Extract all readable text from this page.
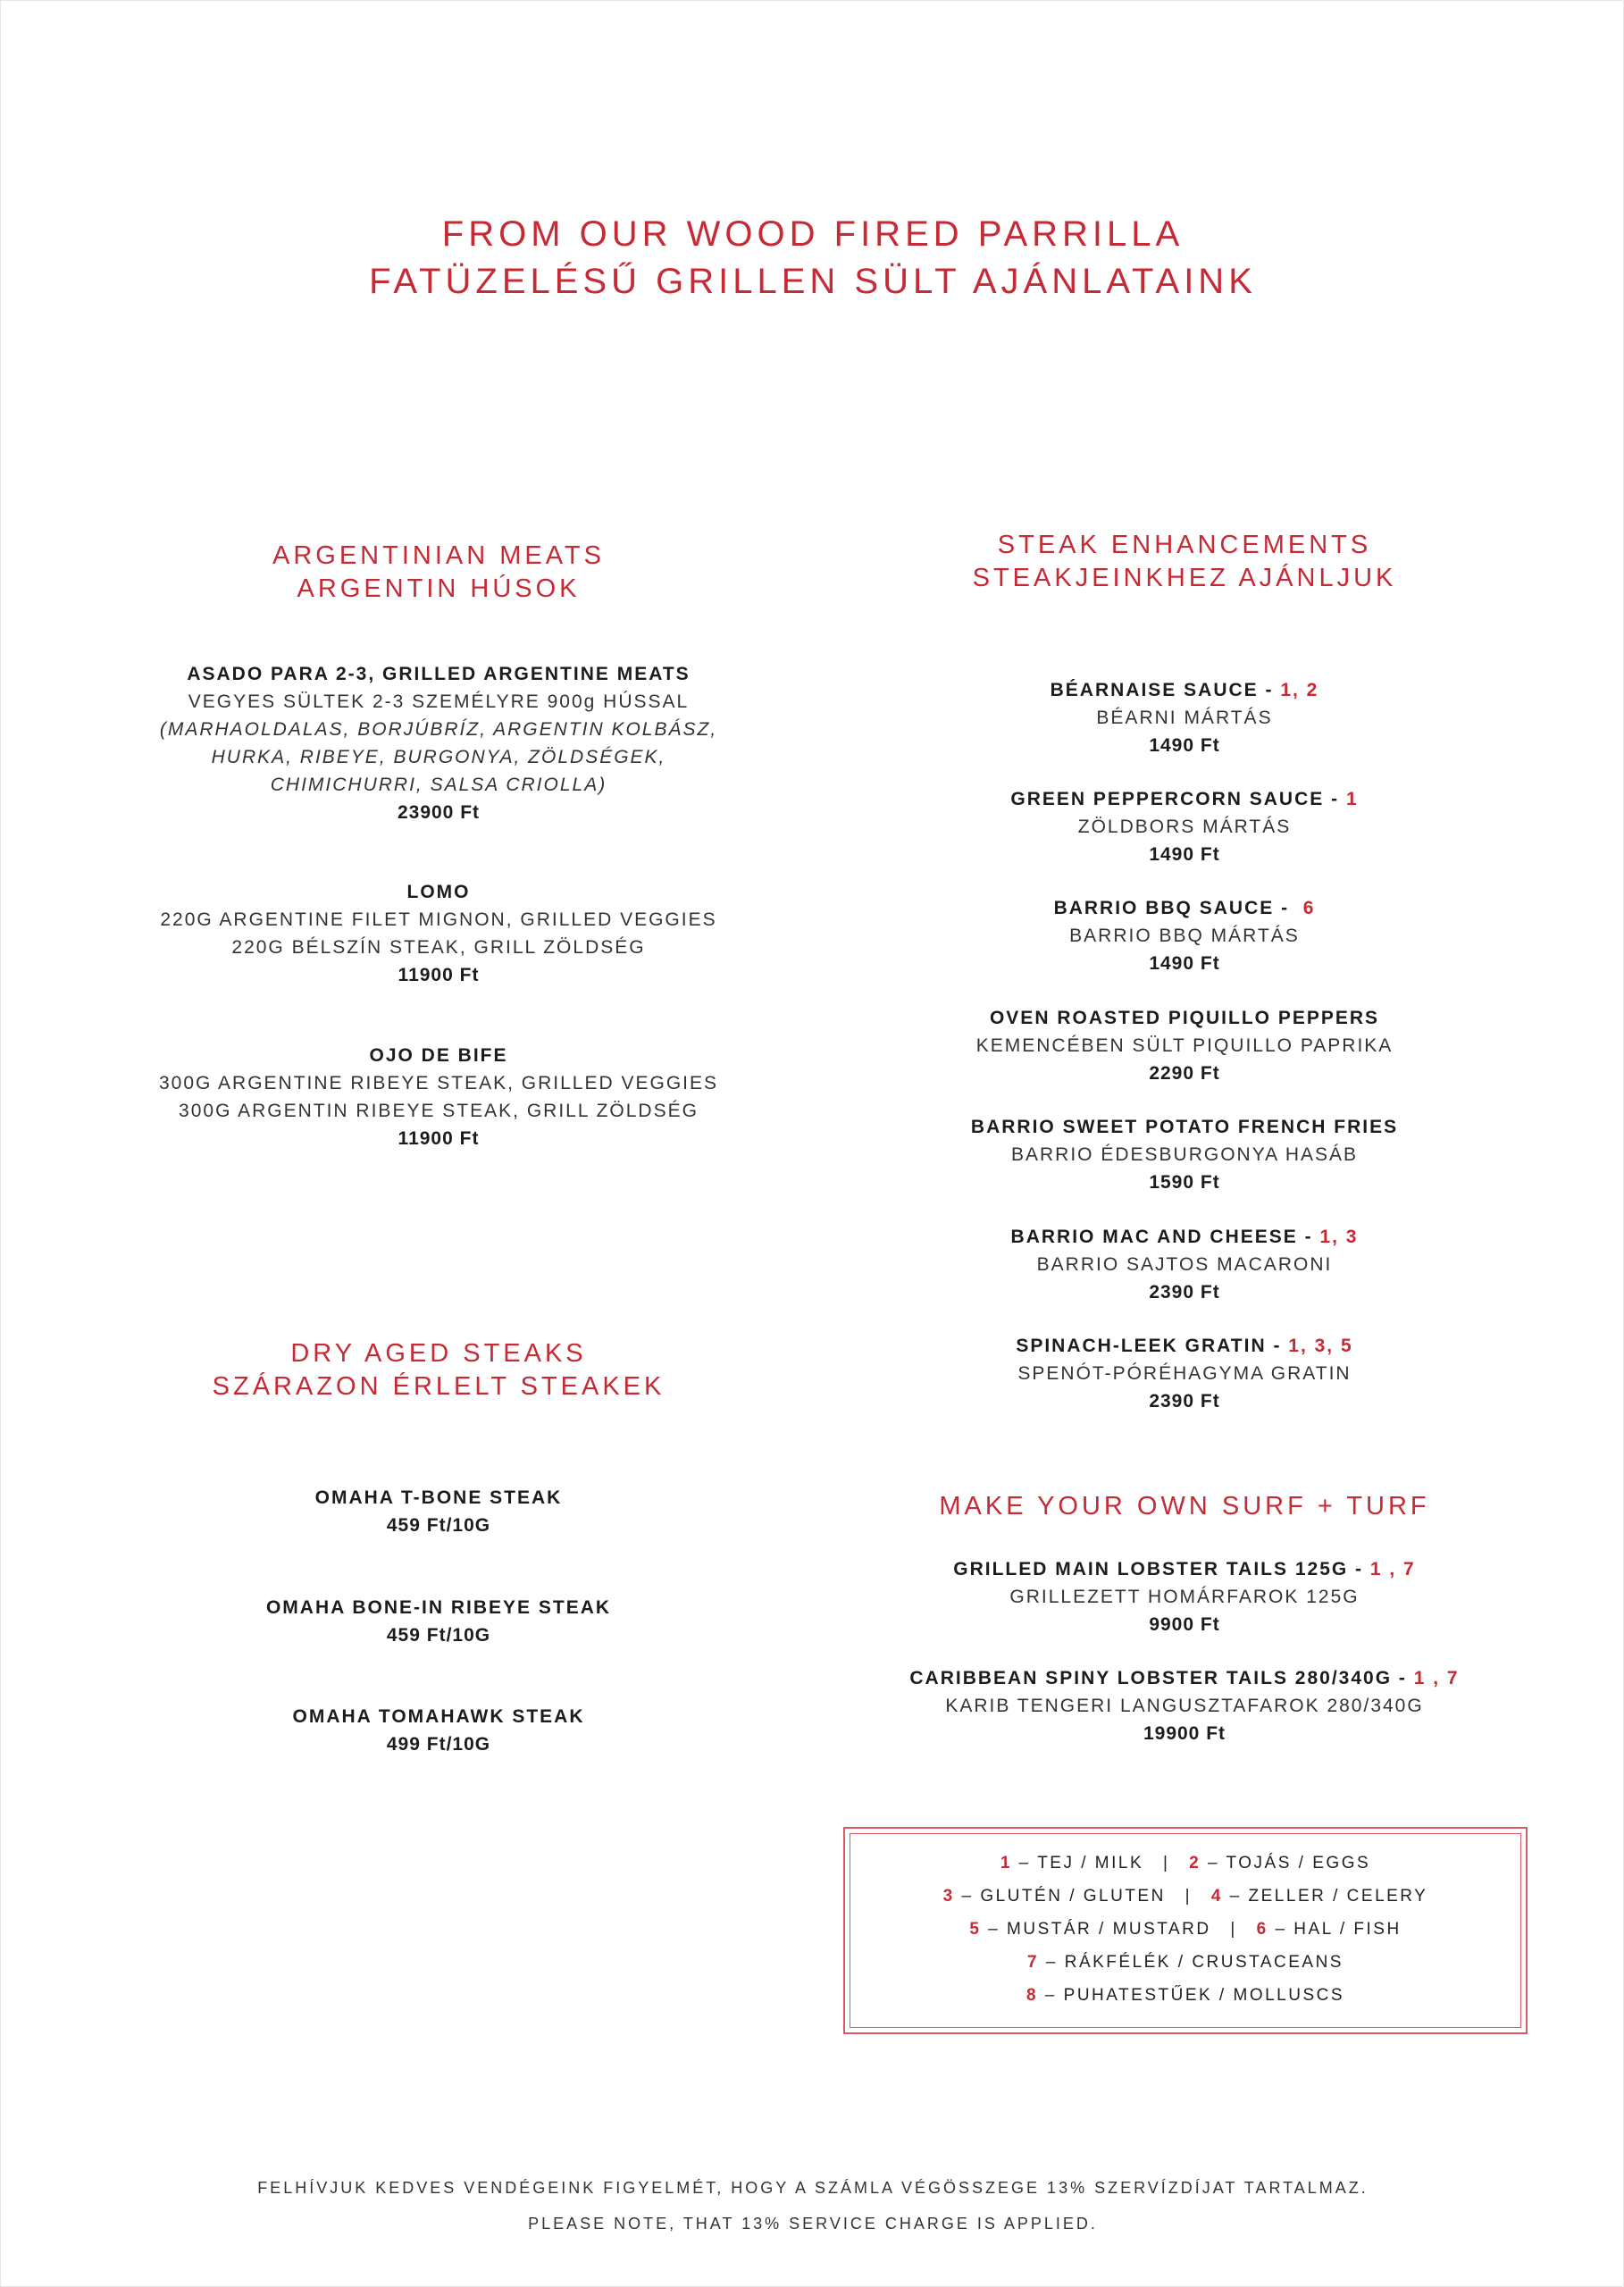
FROM OUR WOOD FIRED PARRILLA
FATÜZELÉSŰ GRILLEN SÜLT AJÁNLATAINK
ARGENTINIAN MEATS
ARGENTIN HÚSOK
ASADO PARA 2-3, GRILLED ARGENTINE MEATS
VEGYES SÜLTEK 2-3 SZEMÉLYRE 900g HÚSSAL
(MARHAOLDALAS, BORJÚBRÍZ, ARGENTIN KOLBÁSZ,
HURKA, RIBEYE, BURGONYA, ZÖLDSÉGEK,
CHIMICHURRI, SALSA CRIOLLA)
23900 Ft
LOMO
220G ARGENTINE FILET MIGNON, GRILLED VEGGIES
220G BÉLSZÍN STEAK, GRILL ZÖLDSÉG
11900 Ft
OJO DE BIFE
300G ARGENTINE RIBEYE STEAK, GRILLED VEGGIES
300G ARGENTIN RIBEYE STEAK, GRILL ZÖLDSÉG
11900 Ft
DRY AGED STEAKS
SZÁRAZON ÉRLELT STEAKEK
OMAHA T-BONE STEAK
459 Ft/10G
OMAHA BONE-IN RIBEYE STEAK
459 Ft/10G
OMAHA TOMAHAWK STEAK
499 Ft/10G
STEAK ENHANCEMENTS
STEAKJEINKHEZ AJÁNLJUK
BÉARNAISE SAUCE - 1, 2
BÉARNI MÁRTÁS
1490 Ft
GREEN PEPPERCORN SAUCE - 1
ZÖLDBORS MÁRTÁS
1490 Ft
BARRIO BBQ SAUCE -  6
BARRIO BBQ MÁRTÁS
1490 Ft
OVEN ROASTED PIQUILLO PEPPERS
KEMENCÉBEN SÜLT PIQUILLO PAPRIKA
2290 Ft
BARRIO SWEET POTATO FRENCH FRIES
BARRIO ÉDESBURGONYA HASÁB
1590 Ft
BARRIO MAC AND CHEESE - 1, 3
BARRIO SAJTOS MACARONI
2390 Ft
SPINACH-LEEK GRATIN - 1, 3, 5
SPENÓT-PÓRÉHAGYMA GRATIN
2390 Ft
MAKE YOUR OWN SURF + TURF
GRILLED MAIN LOBSTER TAILS 125G - 1 , 7
GRILLEZETT HOMÁRFAROK 125G
9900 Ft
CARIBBEAN SPINY LOBSTER TAILS 280/340G - 1 , 7
KARIB TENGERI LANGUSZTAFAROK 280/340G
19900 Ft
1 – TEJ / MILK | 2 – TOJÁS / EGGS
3 – GLUTÉN / GLUTEN | 4 – ZELLER / CELERY
5 – MUSTÁR / MUSTARD | 6 – HAL / FISH
7 – RÁKFÉLÉK / CRUSTACEANS
8 – PUHATESTŰEK / MOLLUSCS
FELHÍVJUK KEDVES VENDÉGEINK FIGYELMÉT, HOGY A SZÁMLA VÉGÖSSZEGE 13% SZERVÍZDÍJAT TARTALMAZ.
PLEASE NOTE, THAT 13% SERVICE CHARGE IS APPLIED.
